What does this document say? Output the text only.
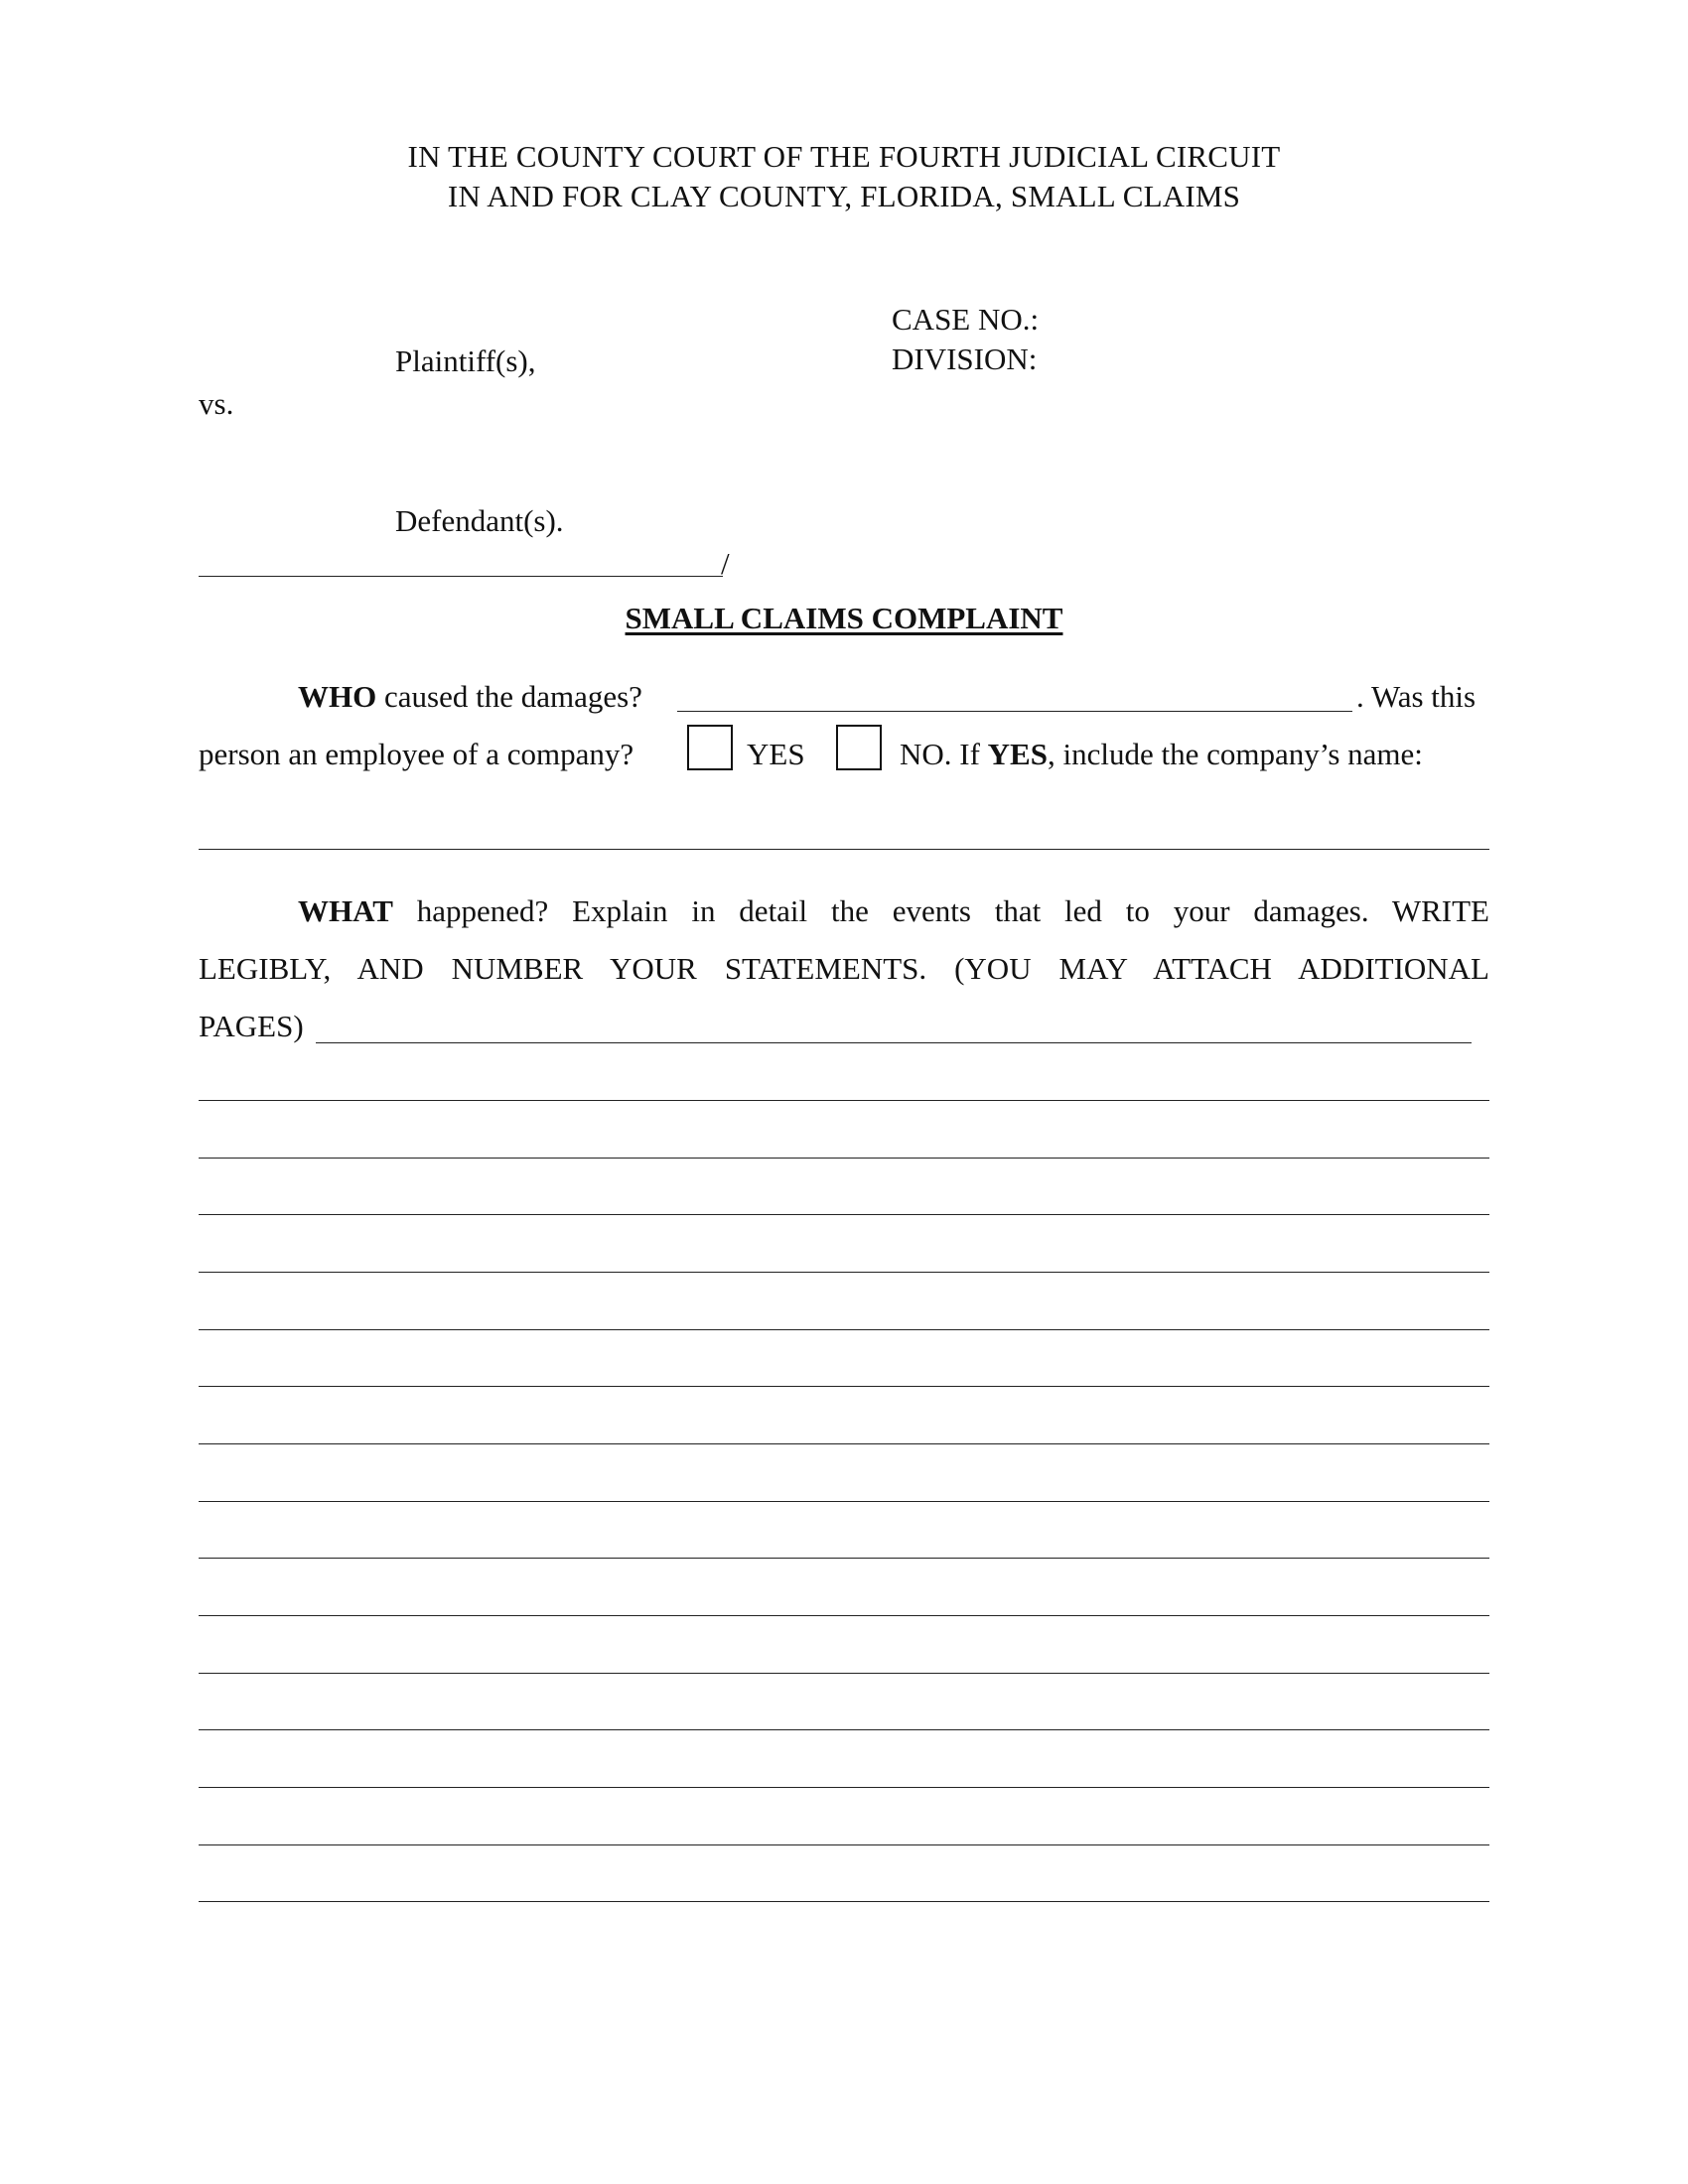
IN THE COUNTY COURT OF THE FOURTH JUDICIAL CIRCUIT
IN AND FOR CLAY COUNTY, FLORIDA, SMALL CLAIMS
CASE NO.:
DIVISION:
Plaintiff(s),
vs.
Defendant(s).
/
SMALL CLAIMS COMPLAINT
WHO caused the damages?	. Was this
person an employee of a company?	YES	NO. If YES, include the company’s name:
WHAT happened? Explain in detail the events that led to your damages. WRITE
LEGIBLY, AND NUMBER YOUR STATEMENTS. (YOU MAY ATTACH ADDITIONAL
PAGES)
